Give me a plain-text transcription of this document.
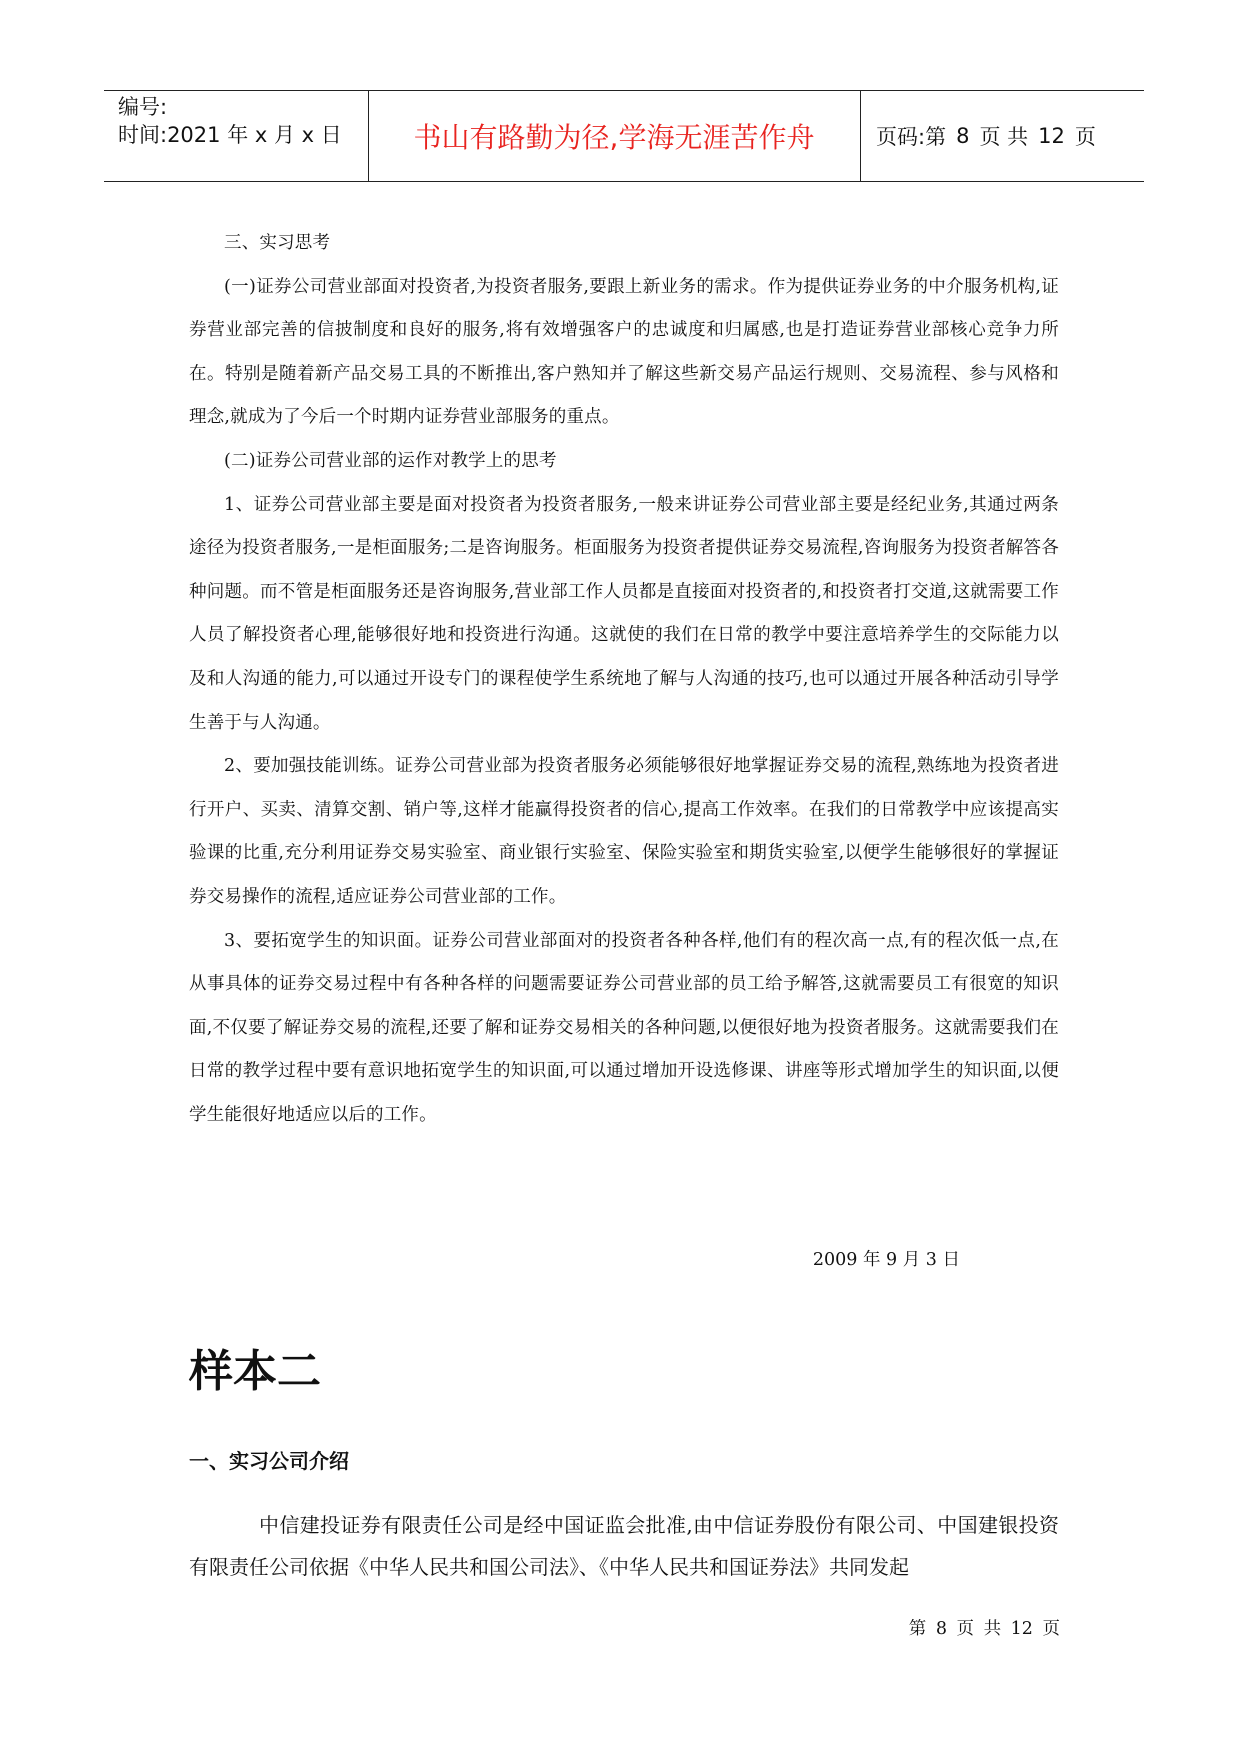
编号:
时间:2021 年 x 月 x 日	书山有路勤为径,学海无涯苦作舟	页码:第 8 页 共 12 页

三、实习思考

(一)证券公司营业部面对投资者,为投资者服务,要跟上新业务的需求。作为提供证券业务的中介服务机构,证券营业部完善的信披制度和良好的服务,将有效增强客户的忠诚度和归属感,也是打造证券营业部核心竞争力所在。特别是随着新产品交易工具的不断推出,客户熟知并了解这些新交易产品运行规则、交易流程、参与风格和理念,就成为了今后一个时期内证券营业部服务的重点。

(二)证券公司营业部的运作对教学上的思考

1、证券公司营业部主要是面对投资者为投资者服务,一般来讲证券公司营业部主要是经纪业务,其通过两条途径为投资者服务,一是柜面服务;二是咨询服务。柜面服务为投资者提供证券交易流程,咨询服务为投资者解答各种问题。而不管是柜面服务还是咨询服务,营业部工作人员都是直接面对投资者的,和投资者打交道,这就需要工作人员了解投资者心理,能够很好地和投资进行沟通。这就使的我们在日常的教学中要注意培养学生的交际能力以及和人沟通的能力,可以通过开设专门的课程使学生系统地了解与人沟通的技巧,也可以通过开展各种活动引导学生善于与人沟通。

2、要加强技能训练。证券公司营业部为投资者服务必须能够很好地掌握证券交易的流程,熟练地为投资者进行开户、买卖、清算交割、销户等,这样才能赢得投资者的信心,提高工作效率。在我们的日常教学中应该提高实验课的比重,充分利用证券交易实验室、商业银行实验室、保险实验室和期货实验室,以便学生能够很好的掌握证券交易操作的流程,适应证券公司营业部的工作。

3、要拓宽学生的知识面。证券公司营业部面对的投资者各种各样,他们有的程次高一点,有的程次低一点,在从事具体的证券交易过程中有各种各样的问题需要证券公司营业部的员工给予解答,这就需要员工有很宽的知识面,不仅要了解证券交易的流程,还要了解和证券交易相关的各种问题,以便很好地为投资者服务。这就需要我们在日常的教学过程中要有意识地拓宽学生的知识面,可以通过增加开设选修课、讲座等形式增加学生的知识面,以便学生能很好地适应以后的工作。

2009 年 9 月 3 日
样本二
一、实习公司介绍

中信建投证券有限责任公司是经中国证监会批准,由中信证券股份有限公司、中国建银投资有限责任公司依据《中华人民共和国公司法》、《中华人民共和国证券法》共同发起

第 8 页 共 12 页
